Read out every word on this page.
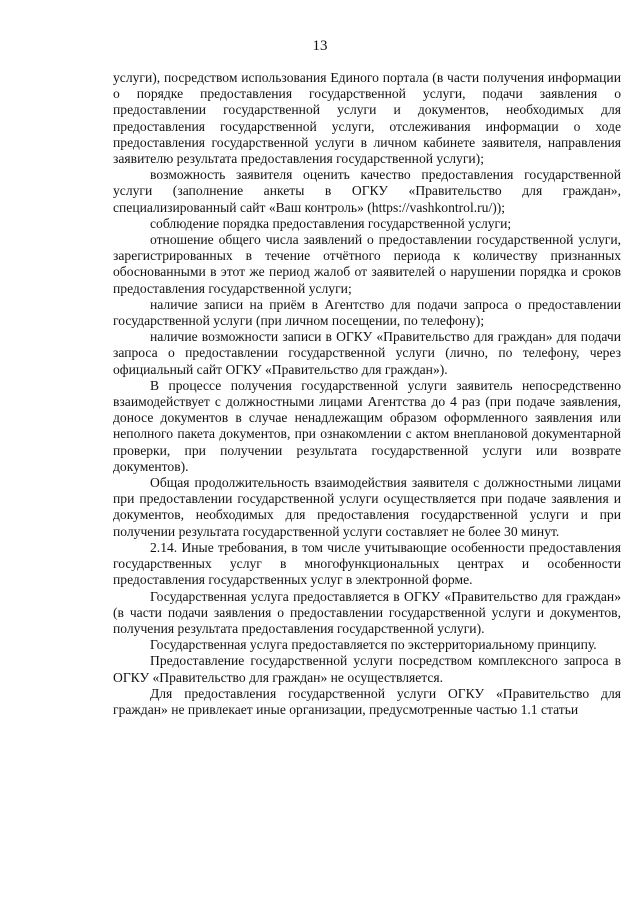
13

услуги), посредством использования Единого портала (в части получения информации о порядке предоставления государственной услуги, подачи заявления о предоставлении государственной услуги и документов, необходимых для предоставления государственной услуги, отслеживания информации о ходе предоставления государственной услуги в личном кабинете заявителя, направления заявителю результата предоставления государственной услуги);

возможность заявителя оценить качество предоставления государственной услуги (заполнение анкеты в ОГКУ «Правительство для граждан», специализированный сайт «Ваш контроль» (https://vashkontrol.ru/));

соблюдение порядка предоставления государственной услуги;

отношение общего числа заявлений о предоставлении государственной услуги, зарегистрированных в течение отчётного периода к количеству признанных обоснованными в этот же период жалоб от заявителей о нарушении порядка и сроков предоставления государственной услуги;

наличие записи на приём в Агентство для подачи запроса о предоставлении государственной услуги (при личном посещении, по телефону);

наличие возможности записи в ОГКУ «Правительство для граждан» для подачи запроса о предоставлении государственной услуги (лично, по телефону, через официальный сайт ОГКУ «Правительство для граждан»).

В процессе получения государственной услуги заявитель непосредственно взаимодействует с должностными лицами Агентства до 4 раз (при подаче заявления, доносе документов в случае ненадлежащим образом оформленного заявления или неполного пакета документов, при ознакомлении с актом внеплановой документарной проверки, при получении результата государственной услуги или возврате документов).

Общая продолжительность взаимодействия заявителя с должностными лицами при предоставлении государственной услуги осуществляется при подаче заявления и документов, необходимых для предоставления государственной услуги и при получении результата государственной услуги составляет не более 30 минут.

2.14. Иные требования, в том числе учитывающие особенности предоставления государственных услуг в многофункциональных центрах и особенности предоставления государственных услуг в электронной форме.

Государственная услуга предоставляется в ОГКУ «Правительство для граждан» (в части подачи заявления о предоставлении государственной услуги и документов, получения результата предоставления государственной услуги).

Государственная услуга предоставляется по экстерриториальному принципу.

Предоставление государственной услуги посредством комплексного запроса в ОГКУ «Правительство для граждан» не осуществляется.

Для предоставления государственной услуги ОГКУ «Правительство для граждан» не привлекает иные организации, предусмотренные частью 1.1 статьи
